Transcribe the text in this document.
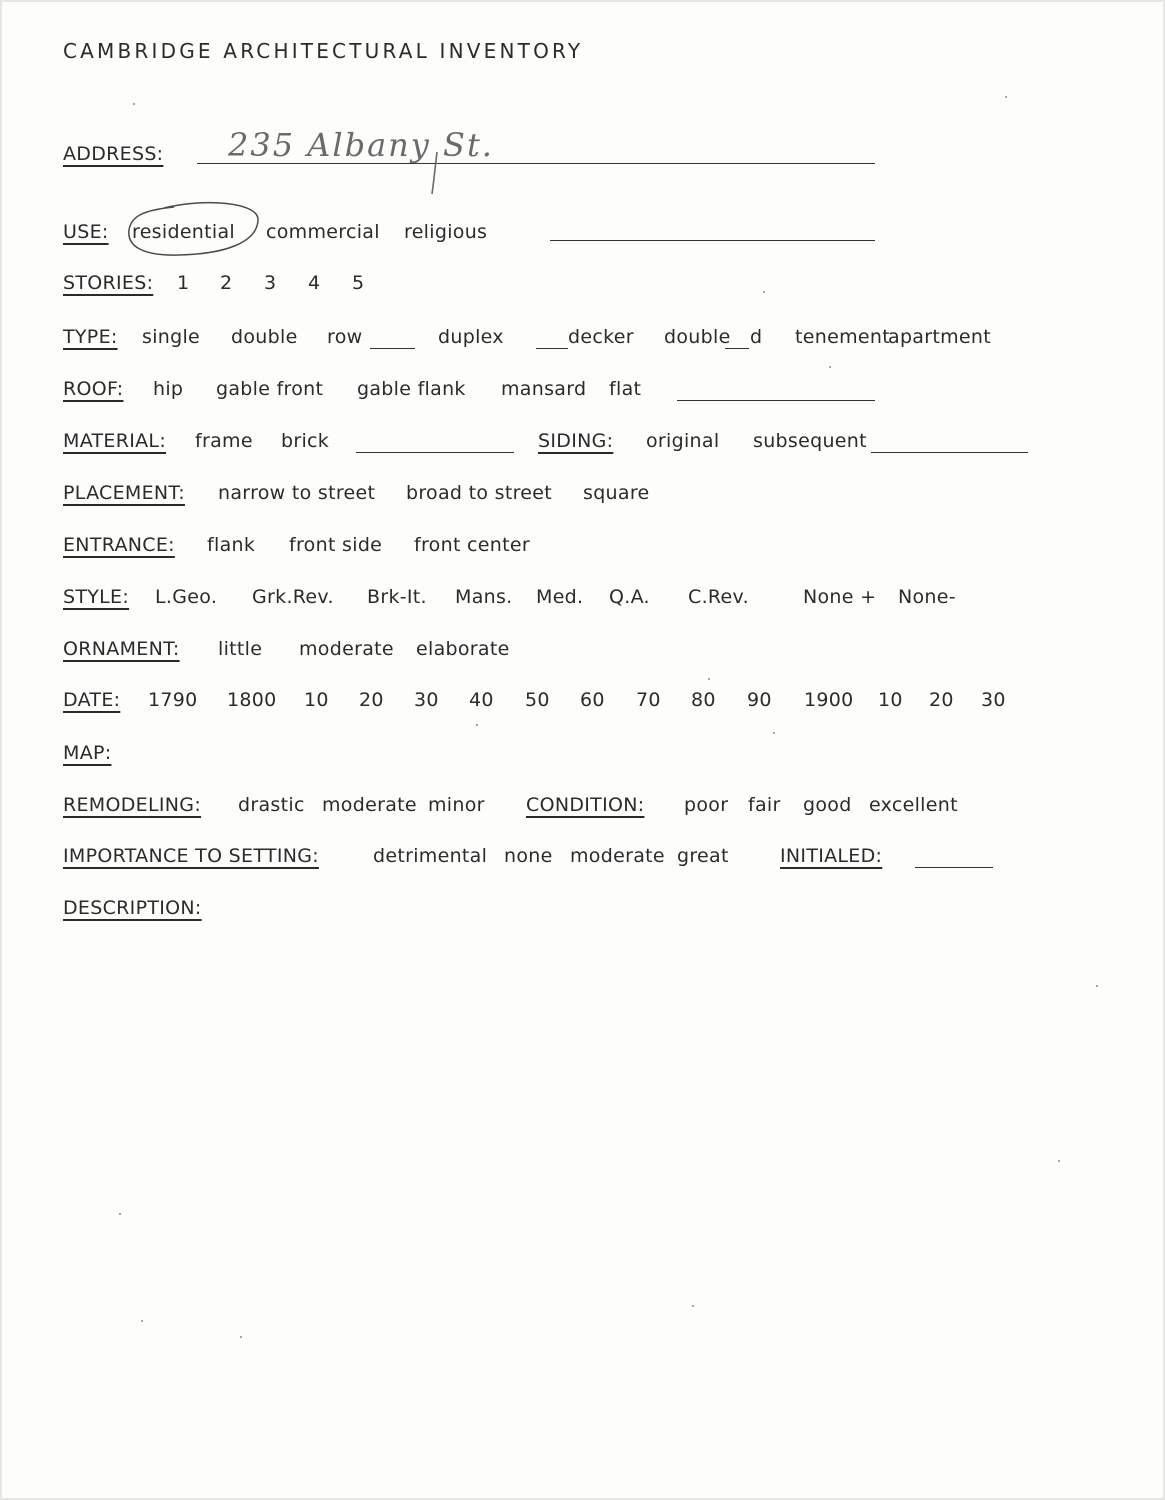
CAMBRIDGE ARCHITECTURAL INVENTORY
ADDRESS: 235 Albany St.
USE: residential commercial religious
STORIES: 1 2 3 4 5
TYPE: single double row	duplex	decker double d tenement
apartment
ROOF: hip gable front gable flank mansard flat
MATERIAL: frame brick	SIDING: original subsequent
PLACEMENT: narrow to street broad to street square
ENTRANCE: flank front side front center
STYLE: L.Geo. Grk.Rev. Brk-It. Mans. Med. Q.A. C.Rev.	None + None-
ORNAMENT: little moderate elaborate
DATE: 1790 1800 10 20 30 40 50 60 70 80 90 1900 10 20 30
MAP:
REMODELING: drastic moderate minor CONDITION: poor fair good excellent
IMPORTANCE TO SETTING:	detrimental none moderate great	INITIALED:
DESCRIPTION:
